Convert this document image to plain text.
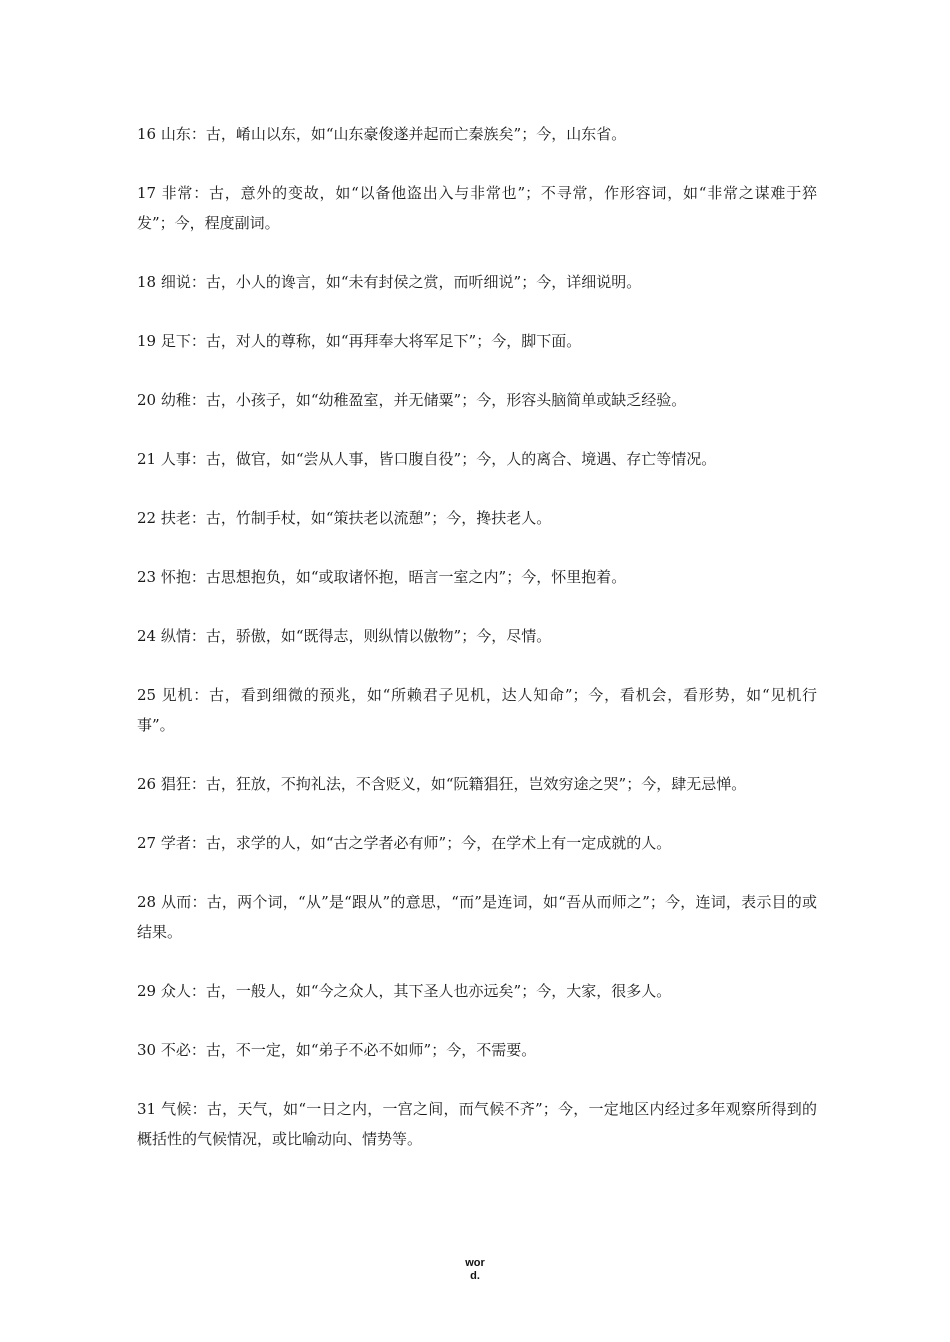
16 山东：古，崤山以东，如“山东豪俊遂并起而亡秦族矣”；今，山东省。

17 非常：古，意外的变故，如“以备他盗出入与非常也”；不寻常，作形容词，如“非常之谋难于猝发”；今，程度副词。

18 细说：古，小人的谗言，如“未有封侯之赏，而听细说”；今，详细说明。

19 足下：古，对人的尊称，如“再拜奉大将军足下”；今，脚下面。

20 幼稚：古，小孩子，如“幼稚盈室，并无储粟”；今，形容头脑简单或缺乏经验。

21 人事：古，做官，如“尝从人事，皆口腹自役”；今，人的离合、境遇、存亡等情况。

22 扶老：古，竹制手杖，如“策扶老以流憩”；今，搀扶老人。

23 怀抱：古思想抱负，如“或取诸怀抱，晤言一室之内”；今，怀里抱着。

24 纵情：古，骄傲，如“既得志，则纵情以傲物”；今，尽情。

25 见机：古，看到细微的预兆，如“所赖君子见机，达人知命”；今，看机会，看形势，如“见机行事”。

26 猖狂：古，狂放，不拘礼法，不含贬义，如“阮籍猖狂，岂效穷途之哭”；今，肆无忌惮。

27 学者：古，求学的人，如“古之学者必有师”；今，在学术上有一定成就的人。

28 从而：古，两个词，“从”是“跟从”的意思，“而”是连词，如“吾从而师之”；今，连词，表示目的或结果。

29 众人：古，一般人，如“今之众人，其下圣人也亦远矣”；今，大家，很多人。

30 不必：古，不一定，如“弟子不必不如师”；今，不需要。

31 气候：古，天气，如“一日之内，一宫之间，而气候不齐”；今，一定地区内经过多年观察所得到的概括性的气候情况，或比喻动向、情势等。

wor
d.
